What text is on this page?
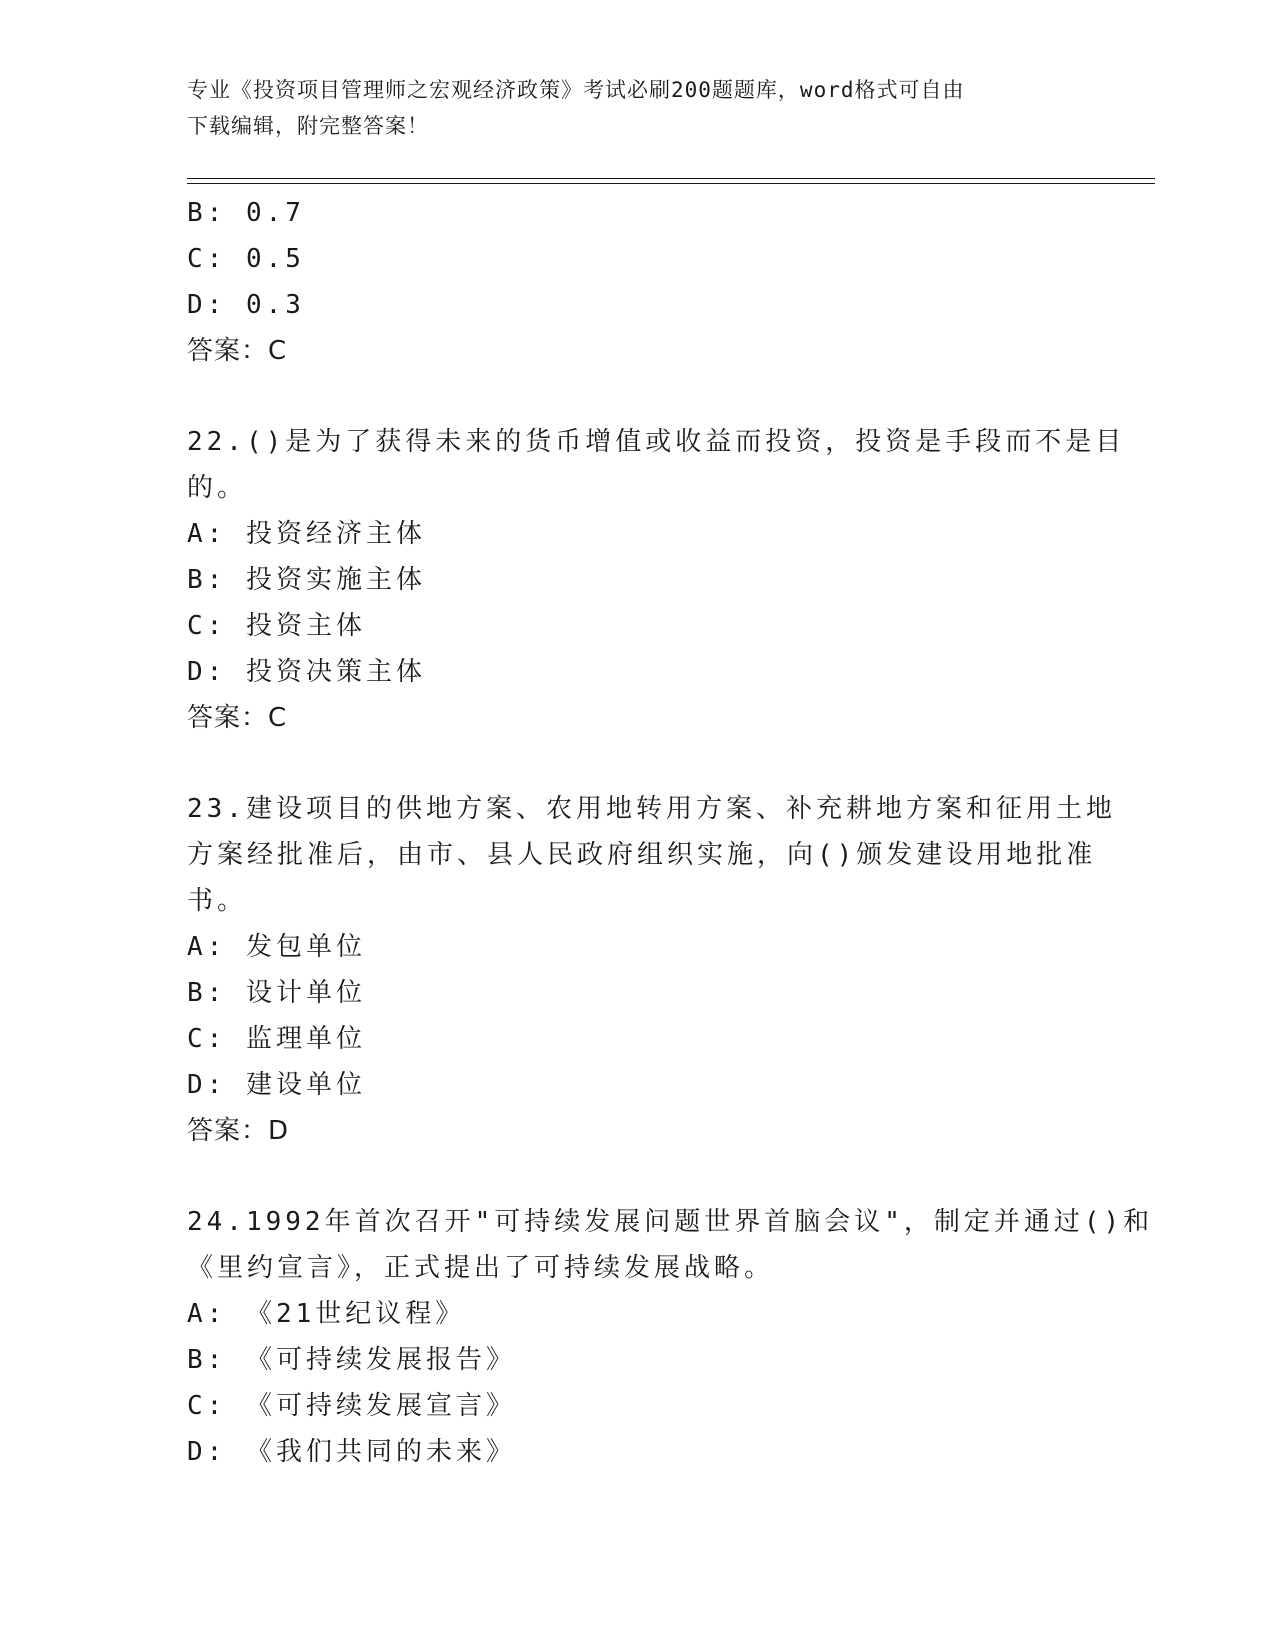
专业《投资项目管理师之宏观经济政策》考试必刷200题题库，word格式可自由
下载编辑，附完整答案！
B: 0.7
C: 0.5
D: 0.3
答案：C
22.()是为了获得未来的货币增值或收益而投资，投资是手段而不是目
的。
A: 投资经济主体
B: 投资实施主体
C: 投资主体
D: 投资决策主体
答案：C
23.建设项目的供地方案、农用地转用方案、补充耕地方案和征用土地
方案经批准后，由市、县人民政府组织实施，向()颁发建设用地批准
书。
A: 发包单位
B: 设计单位
C: 监理单位
D: 建设单位
答案：D
24.1992年首次召开"可持续发展问题世界首脑会议"，制定并通过()和
《里约宣言》，正式提出了可持续发展战略。
A: 《21世纪议程》
B: 《可持续发展报告》
C: 《可持续发展宣言》
D: 《我们共同的未来》
